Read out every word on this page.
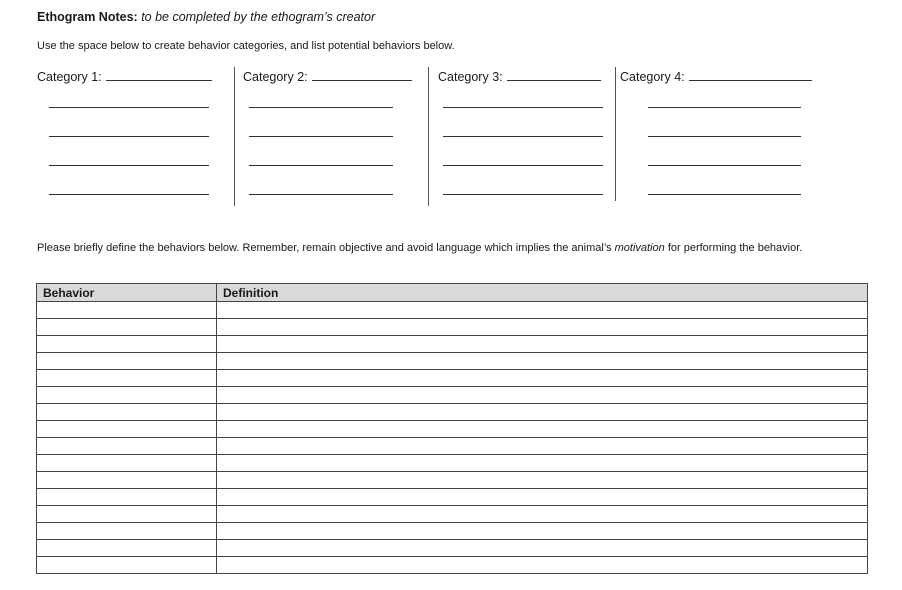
Ethogram Notes: to be completed by the ethogram’s creator
Use the space below to create behavior categories, and list potential behaviors below.
Category 1:	Category 2:	Category 3:	Category 4:
Please briefly define the behaviors below. Remember, remain objective and avoid language which implies the animal’s motivation for performing the behavior.
Behavior	Definition
